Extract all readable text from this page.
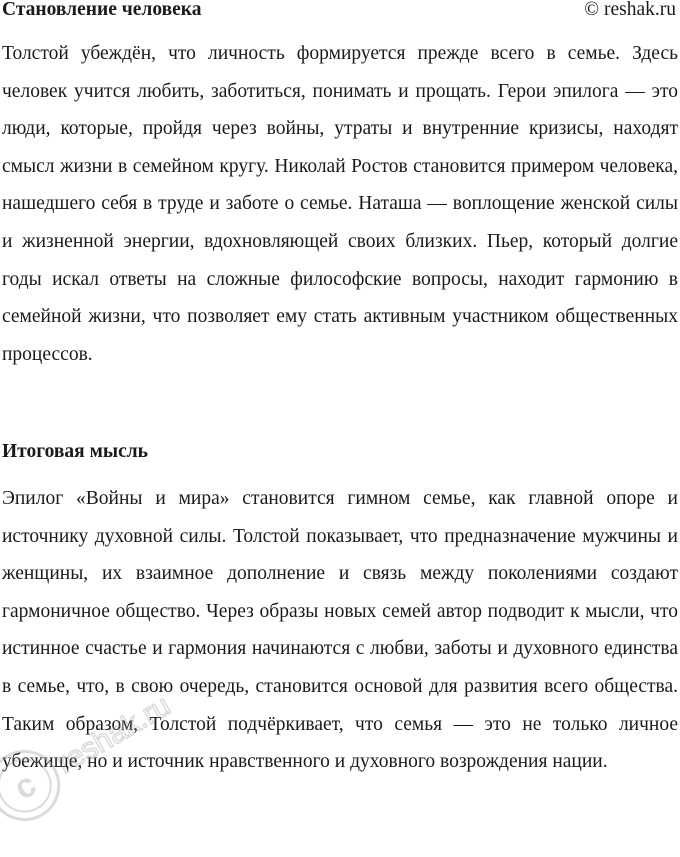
Становление человека	© reshak.ru

Толстой убеждён, что личность формируется прежде всего в семье. Здесь человек учится любить, заботиться, понимать и прощать. Герои эпилога — это люди, которые, пройдя через войны, утраты и внутренние кризисы, находят смысл жизни в семейном кругу. Николай Ростов становится примером человека, нашедшего себя в труде и заботе о семье. Наташа — воплощение женской силы и жизненной энергии, вдохновляющей своих близких. Пьер, который долгие годы искал ответы на сложные философские вопросы, находит гармонию в семейной жизни, что позволяет ему стать активным участником общественных процессов.

Итоговая мысль

Эпилог «Войны и мира» становится гимном семье, как главной опоре и источнику духовной силы. Толстой показывает, что предназначение мужчины и женщины, их взаимное дополнение и связь между поколениями создают гармоничное общество. Через образы новых семей автор подводит к мысли, что истинное счастье и гармония начинаются с любви, заботы и духовного единства в семье, что, в свою очередь, становится основой для развития всего общества. Таким образом, Толстой подчёркивает, что семья — это не только личное убежище, но и источник нравственного и духовного возрождения нации.

c
reshak.ru
